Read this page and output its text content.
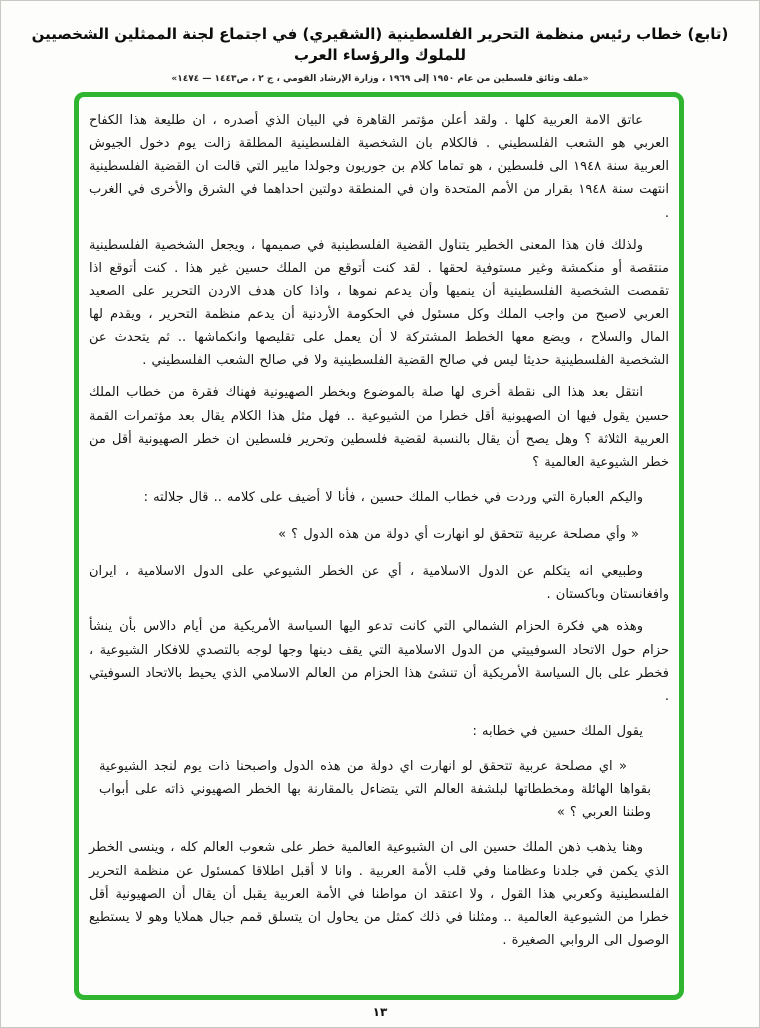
(تابع) خطاب رئيس منظمة التحرير الفلسطينية (الشقيري) في اجتماع لجنة الممثلين الشخصيين للملوك والرؤساء العرب
«ملف وثائق فلسطين من عام ١٩٥٠ إلى ١٩٦٩ ، وزارة الإرشاد القومي ، ج ٢ ، ص١٤٤٣ — ١٤٧٤»

عاتق الامة العربية كلها . ولقد أعلن مؤتمر القاهرة في البيان الذي أصدره ، ان طليعة هذا الكفاح العربي هو الشعب الفلسطيني . فالكلام بان الشخصية الفلسطينية المطلقة زالت يوم دخول الجيوش العربية سنة ١٩٤٨ الى فلسطين ، هو تماما كلام بن جوريون وجولدا مايير التي قالت ان القضية الفلسطينية انتهت سنة ١٩٤٨ بقرار من الأمم المتحدة وان في المنطقة دولتين احداهما في الشرق والأخرى في الغرب .

ولذلك فان هذا المعنى الخطير يتناول القضية الفلسطينية في صميمها ، ويجعل الشخصية الفلسطينية منتقصة أو منكمشة وغير مستوفية لحقها . لقد كنت أتوقع من الملك حسين غير هذا . كنت أتوقع اذا تقمصت الشخصية الفلسطينية أن ينميها وأن يدعم نموها ، واذا كان هدف الاردن التحرير على الصعيد العربي لاصبح من واجب الملك وكل مسئول في الحكومة الأردنية أن يدعم منظمة التحرير ، ويقدم لها المال والسلاح ، ويضع معها الخطط المشتركة لا أن يعمل على تقليصها وانكماشها .. ثم يتحدث عن الشخصية الفلسطينية حديثا ليس في صالح القضية الفلسطينية ولا في صالح الشعب الفلسطيني .

انتقل بعد هذا الى نقطة أخرى لها صلة بالموضوع وبخطر الصهيونية فهناك فقرة من خطاب الملك حسين يقول فيها ان الصهيونية أقل خطرا من الشيوعية .. فهل مثل هذا الكلام يقال بعد مؤتمرات القمة العربية الثلاثة ؟ وهل يصح أن يقال بالنسبة لقضية فلسطين وتحرير فلسطين ان خطر الصهيونية أقل من خطر الشيوعية العالمية ؟

واليكم العبارة التي وردت في خطاب الملك حسين ، فأنا لا أضيف على كلامه .. قال جلالته :

« وأي مصلحة عربية تتحقق لو انهارت أي دولة من هذه الدول ؟ »

وطبيعي انه يتكلم عن الدول الاسلامية ، أي عن الخطر الشيوعي على الدول الاسلامية ، ايران وافغانستان وباكستان .

وهذه هي فكرة الحزام الشمالي التي كانت تدعو اليها السياسة الأمريكية من أيام دالاس بأن ينشأ حزام حول الاتحاد السوفييتي من الدول الاسلامية التي يقف دينها وجها لوجه بالتصدي للافكار الشيوعية ، فخطر على بال السياسة الأمريكية أن تنشئ هذا الحزام من العالم الاسلامي الذي يحيط بالاتحاد السوفيتي .

يقول الملك حسين في خطابه :

« اي مصلحة عربية تتحقق لو انهارت اي دولة من هذه الدول واصبحنا ذات يوم لنجد الشيوعية بقواها الهائلة ومخططاتها لبلشفة العالم التي يتضاءل بالمقارنة بها الخطر الصهيوني ذاته على أبواب وطننا العربي ؟ »

وهنا يذهب ذهن الملك حسين الى ان الشيوعية العالمية خطر على شعوب العالم كله ، وينسى الخطر الذي يكمن في جلدنا وعظامنا وفي قلب الأمة العربية . وانا لا أقبل اطلاقا كمسئول عن منظمة التحرير الفلسطينية وكعربي هذا القول ، ولا اعتقد ان مواطنا في الأمة العربية يقبل أن يقال أن الصهيونية أقل خطرا من الشيوعية العالمية .. ومثلنا في ذلك كمثل من يحاول ان يتسلق قمم جبال هملايا وهو لا يستطيع الوصول الى الروابي الصغيرة .

١٣
